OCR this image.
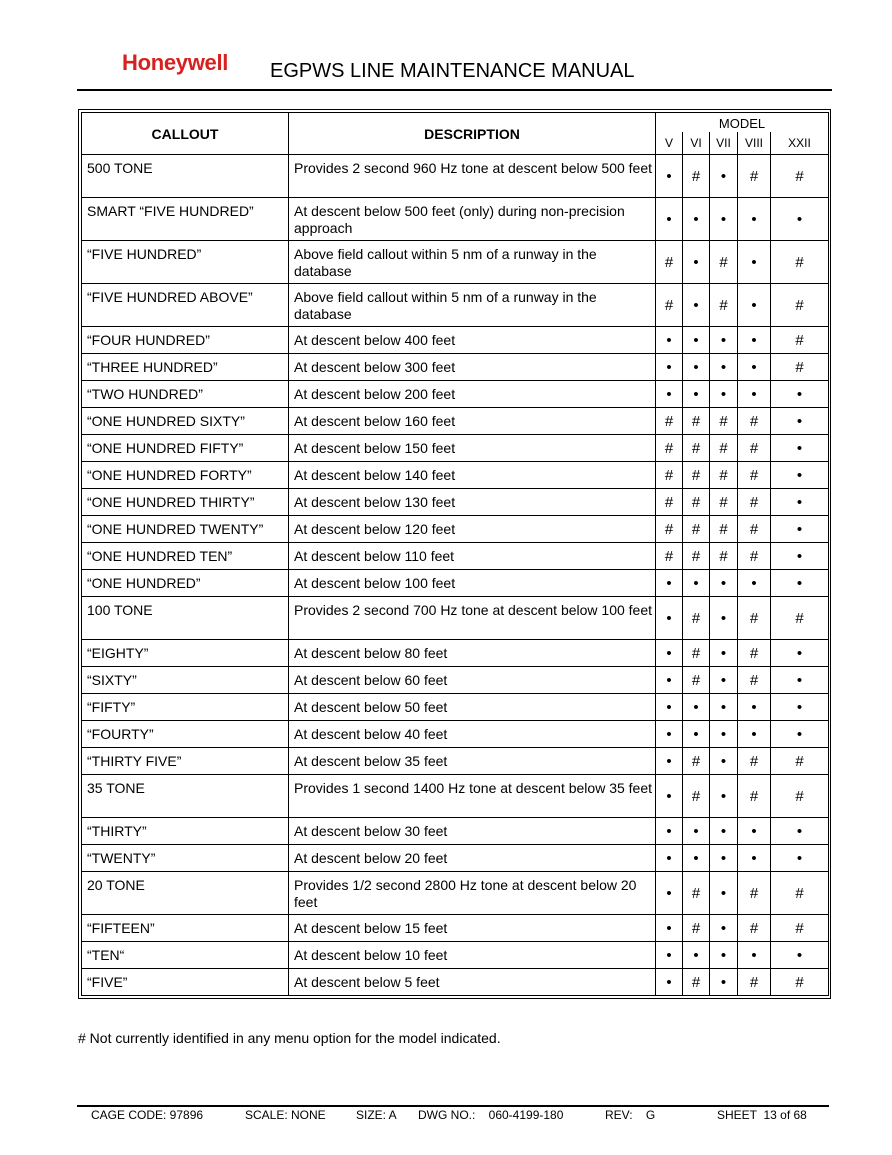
Honeywell EGPWS LINE MAINTENANCE MANUAL
CALLOUT	DESCRIPTION	MODEL				
		V	VI	VII	VIII	XXII
500 TONE	Provides 2 second 960 Hz tone at descent below 500 feet	•	#	•	#	#
SMART “FIVE HUNDRED”	At descent below 500 feet (only) during non-precision approach	•	•	•	•	•
“FIVE HUNDRED”	Above field callout within 5 nm of a runway in the database	#	•	#	•	#
“FIVE HUNDRED ABOVE”	Above field callout within 5 nm of a runway in the database	#	•	#	•	#
“FOUR HUNDRED”	At descent below 400 feet	•	•	•	•	#
“THREE HUNDRED”	At descent below 300 feet	•	•	•	•	#
“TWO HUNDRED”	At descent below 200 feet	•	•	•	•	•
“ONE HUNDRED SIXTY”	At descent below 160 feet	#	#	#	#	•
“ONE HUNDRED FIFTY”	At descent below 150 feet	#	#	#	#	•
“ONE HUNDRED FORTY”	At descent below 140 feet	#	#	#	#	•
“ONE HUNDRED THIRTY”	At descent below 130 feet	#	#	#	#	•
“ONE HUNDRED TWENTY”	At descent below 120 feet	#	#	#	#	•
“ONE HUNDRED TEN”	At descent below 110 feet	#	#	#	#	•
“ONE HUNDRED”	At descent below 100 feet	•	•	•	•	•
100 TONE	Provides 2 second 700 Hz tone at descent below 100 feet	•	#	•	#	#
“EIGHTY”	At descent below 80 feet	•	#	•	#	•
“SIXTY”	At descent below 60 feet	•	#	•	#	•
“FIFTY”	At descent below 50 feet	•	•	•	•	•
“FOURTY”	At descent below 40 feet	•	•	•	•	•
“THIRTY FIVE”	At descent below 35 feet	•	#	•	#	#
35 TONE	Provides 1 second 1400 Hz tone at descent below 35 feet	•	#	•	#	#
“THIRTY”	At descent below 30 feet	•	•	•	•	•
“TWENTY”	At descent below 20 feet	•	•	•	•	•
20 TONE	Provides 1/2 second 2800 Hz tone at descent below 20 feet	•	#	•	#	#
“FIFTEEN”	At descent below 15 feet	•	#	•	#	#
“TEN“	At descent below 10 feet	•	•	•	•	•
“FIVE”	At descent below 5 feet	•	#	•	#	#
# Not currently identified in any menu option for the model indicated.
CAGE CODE: 97896	SCALE: NONE	SIZE: A DWG NO.:    060-4199-180	REV:    G	SHEET  13 of 68
